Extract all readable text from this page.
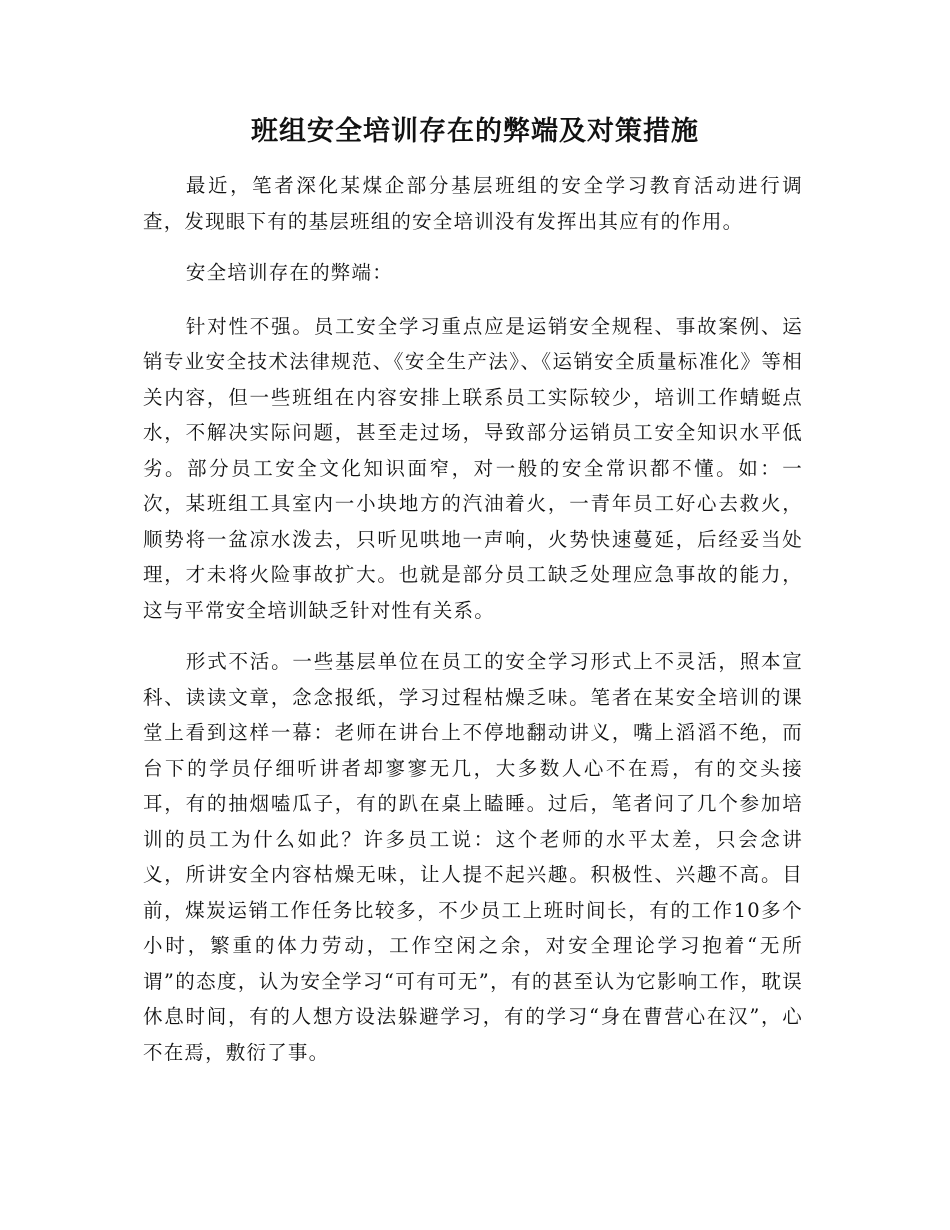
班组安全培训存在的弊端及对策措施

最近，笔者深化某煤企部分基层班组的安全学习教育活动进行调查，发现眼下有的基层班组的安全培训没有发挥出其应有的作用。

安全培训存在的弊端：

针对性不强。员工安全学习重点应是运销安全规程、事故案例、运销专业安全技术法律规范、《安全生产法》、《运销安全质量标准化》等相关内容，但一些班组在内容安排上联系员工实际较少，培训工作蜻蜓点水，不解决实际问题，甚至走过场，导致部分运销员工安全知识水平低劣。部分员工安全文化知识面窄，对一般的安全常识都不懂。如：一次，某班组工具室内一小块地方的汽油着火，一青年员工好心去救火，顺势将一盆凉水泼去，只听见哄地一声响，火势快速蔓延，后经妥当处理，才未将火险事故扩大。也就是部分员工缺乏处理应急事故的能力，这与平常安全培训缺乏针对性有关系。

形式不活。一些基层单位在员工的安全学习形式上不灵活，照本宣科、读读文章，念念报纸，学习过程枯燥乏味。笔者在某安全培训的课堂上看到这样一幕：老师在讲台上不停地翻动讲义，嘴上滔滔不绝，而台下的学员仔细听讲者却寥寥无几，大多数人心不在焉，有的交头接耳，有的抽烟嗑瓜子，有的趴在桌上瞌睡。过后，笔者问了几个参加培训的员工为什么如此？许多员工说：这个老师的水平太差，只会念讲义，所讲安全内容枯燥无味，让人提不起兴趣。积极性、兴趣不高。目前，煤炭运销工作任务比较多，不少员工上班时间长，有的工作10多个小时，繁重的体力劳动，工作空闲之余，对安全理论学习抱着“无所谓”的态度，认为安全学习“可有可无”，有的甚至认为它影响工作，耽误休息时间，有的人想方设法躲避学习，有的学习“身在曹营心在汉”，心不在焉，敷衍了事。
